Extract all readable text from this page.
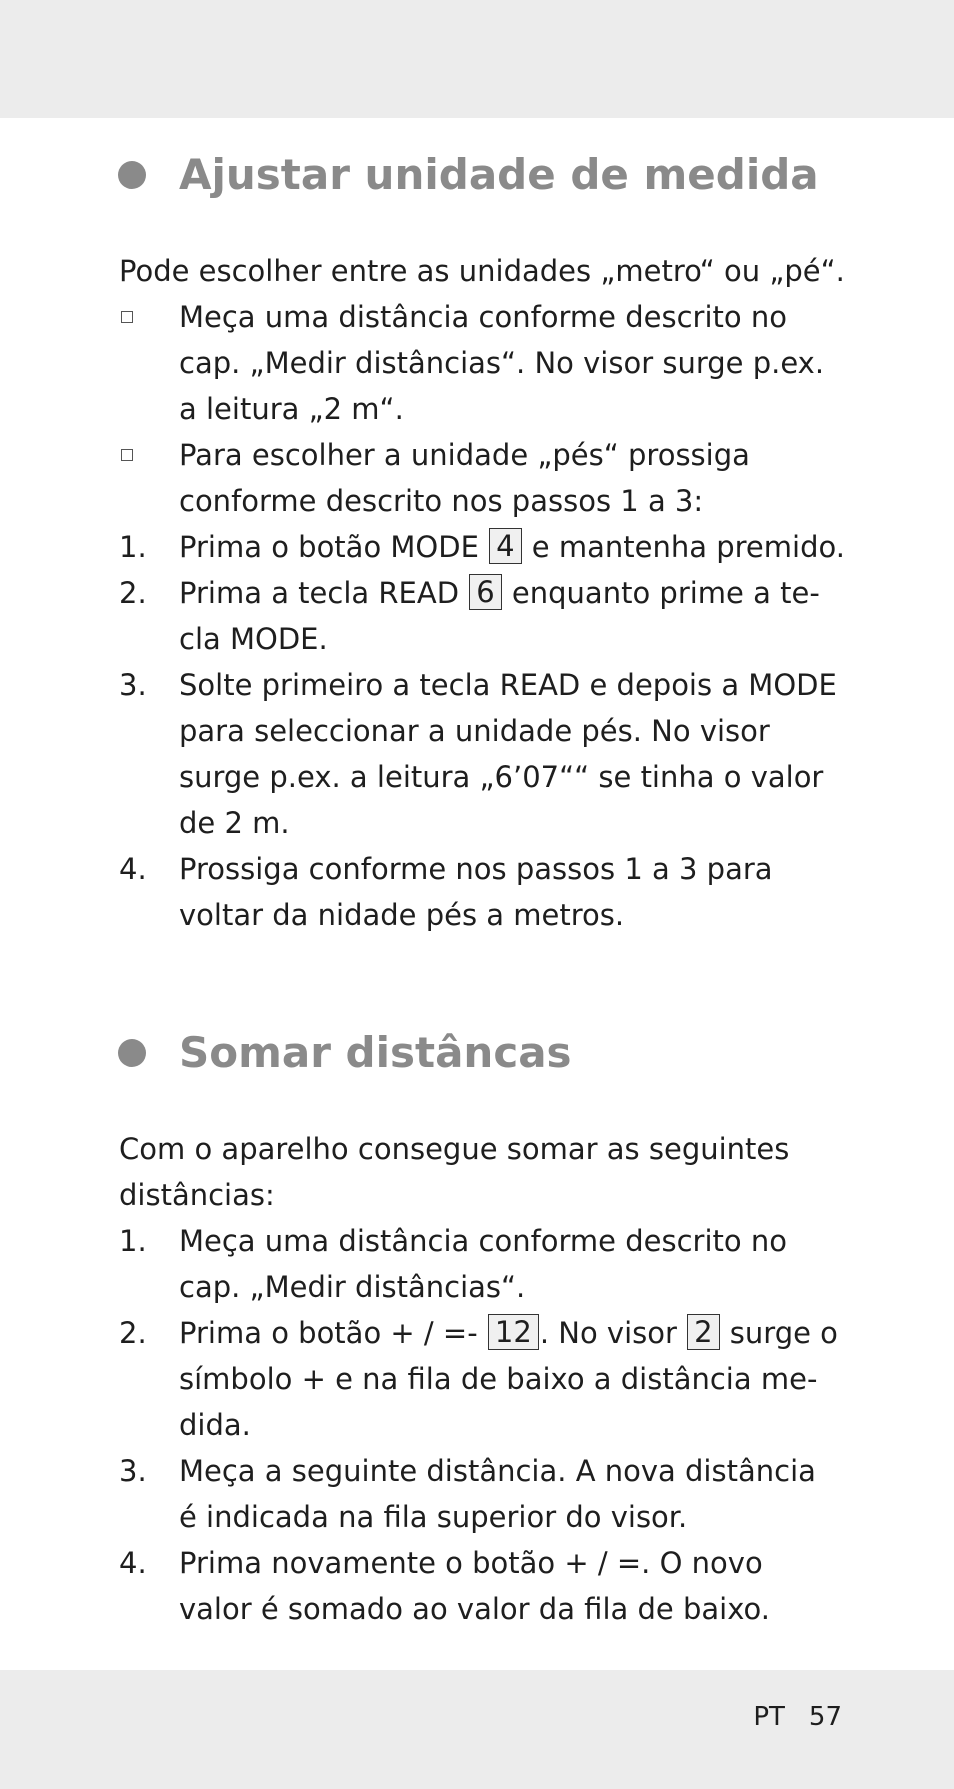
Ajustar unidade de medida
Pode escolher entre as unidades „metro“ ou „pé“.
Meça uma distância conforme descrito no
cap. „Medir distâncias“. No visor surge p.ex.
a leitura „2 m“.
Para escolher a unidade „pés“ prossiga
conforme descrito nos passos 1 a 3:
1. Prima o botão MODE 4 e mantenha premido.
2. Prima a tecla READ 6 enquanto prime a te-
cla MODE.
3. Solte primeiro a tecla READ e depois a MODE
para seleccionar a unidade pés. No visor
surge p.ex. a leitura „6’07““ se tinha o valor
de 2 m.
4. Prossiga conforme nos passos 1 a 3 para
voltar da nidade pés a metros.
Somar distâncas
Com o aparelho consegue somar as seguintes
distâncias:
1. Meça uma distância conforme descrito no
cap. „Medir distâncias“.
2. Prima o botão + / =- 12 . No visor 2 surge o
símbolo + e na fila de baixo a distância me-
dida.
3. Meça a seguinte distância. A nova distância
é indicada na fila superior do visor.
4. Prima novamente o botão + / =. O novo
valor é somado ao valor da fila de baixo.
PT 57
